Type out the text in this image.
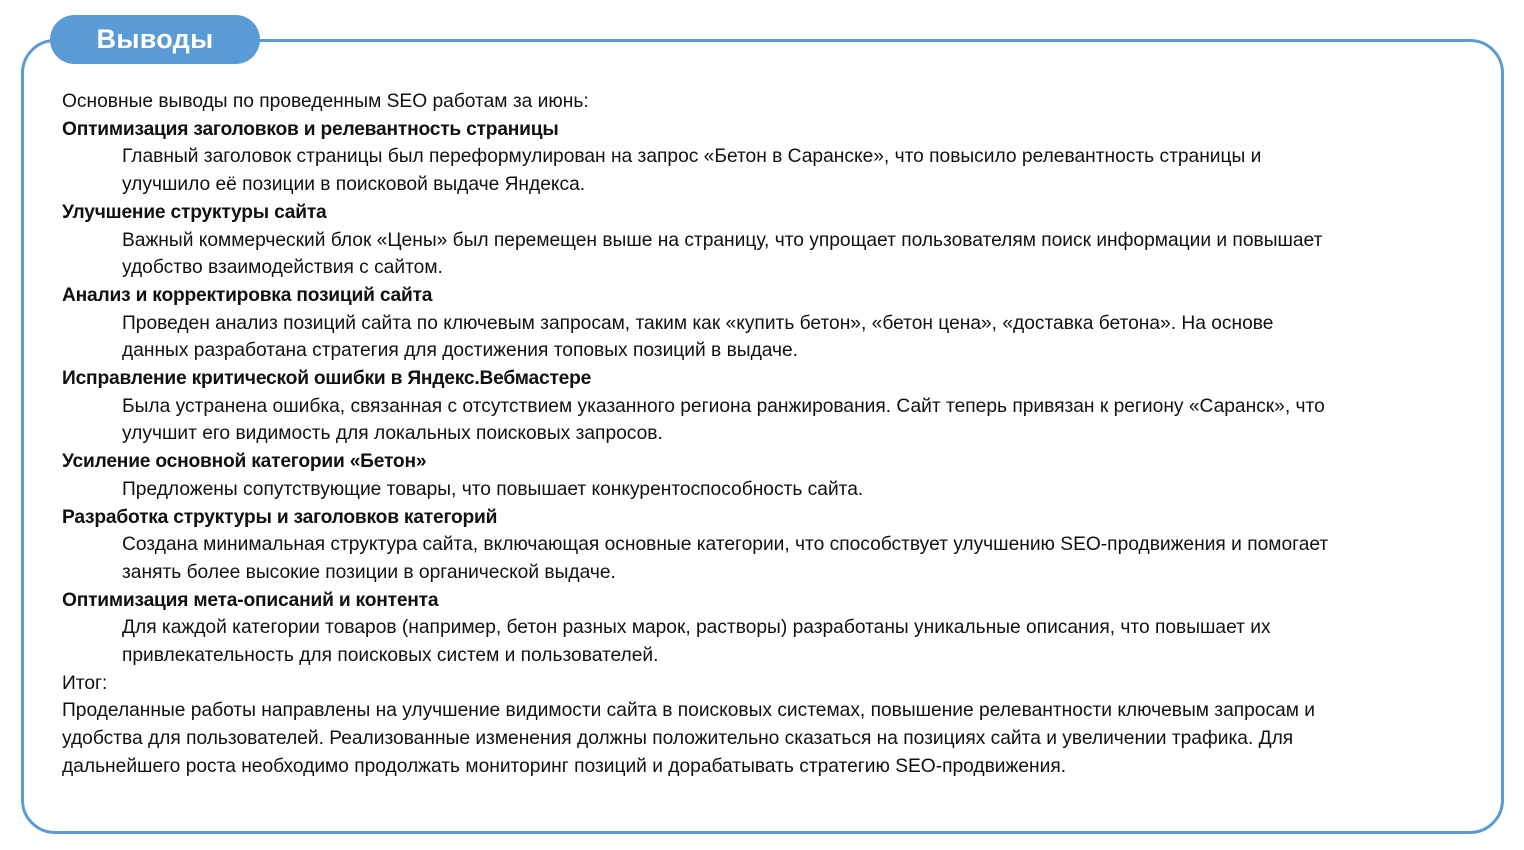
Выводы
Основные выводы по проведенным SEO работам за июнь:
Оптимизация заголовков и релевантность страницы
Главный заголовок страницы был переформулирован на запрос «Бетон в Саранске», что повысило релевантность страницы и
улучшило её позиции в поисковой выдаче Яндекса.
Улучшение структуры сайта
Важный коммерческий блок «Цены» был перемещен выше на страницу, что упрощает пользователям поиск информации и повышает
удобство взаимодействия с сайтом.
Анализ и корректировка позиций сайта
Проведен анализ позиций сайта по ключевым запросам, таким как «купить бетон», «бетон цена», «доставка бетона». На основе
данных разработана стратегия для достижения топовых позиций в выдаче.
Исправление критической ошибки в Яндекс.Вебмастере
Была устранена ошибка, связанная с отсутствием указанного региона ранжирования. Сайт теперь привязан к региону «Саранск», что
улучшит его видимость для локальных поисковых запросов.
Усиление основной категории «Бетон»
Предложены сопутствующие товары, что повышает конкурентоспособность сайта.
Разработка структуры и заголовков категорий
Создана минимальная структура сайта, включающая основные категории, что способствует улучшению SEO-продвижения и помогает
занять более высокие позиции в органической выдаче.
Оптимизация мета-описаний и контента
Для каждой категории товаров (например, бетон разных марок, растворы) разработаны уникальные описания, что повышает их
привлекательность для поисковых систем и пользователей.
Итог:
Проделанные работы направлены на улучшение видимости сайта в поисковых системах, повышение релевантности ключевым запросам и
удобства для пользователей. Реализованные изменения должны положительно сказаться на позициях сайта и увеличении трафика. Для
дальнейшего роста необходимо продолжать мониторинг позиций и дорабатывать стратегию SEO-продвижения.
